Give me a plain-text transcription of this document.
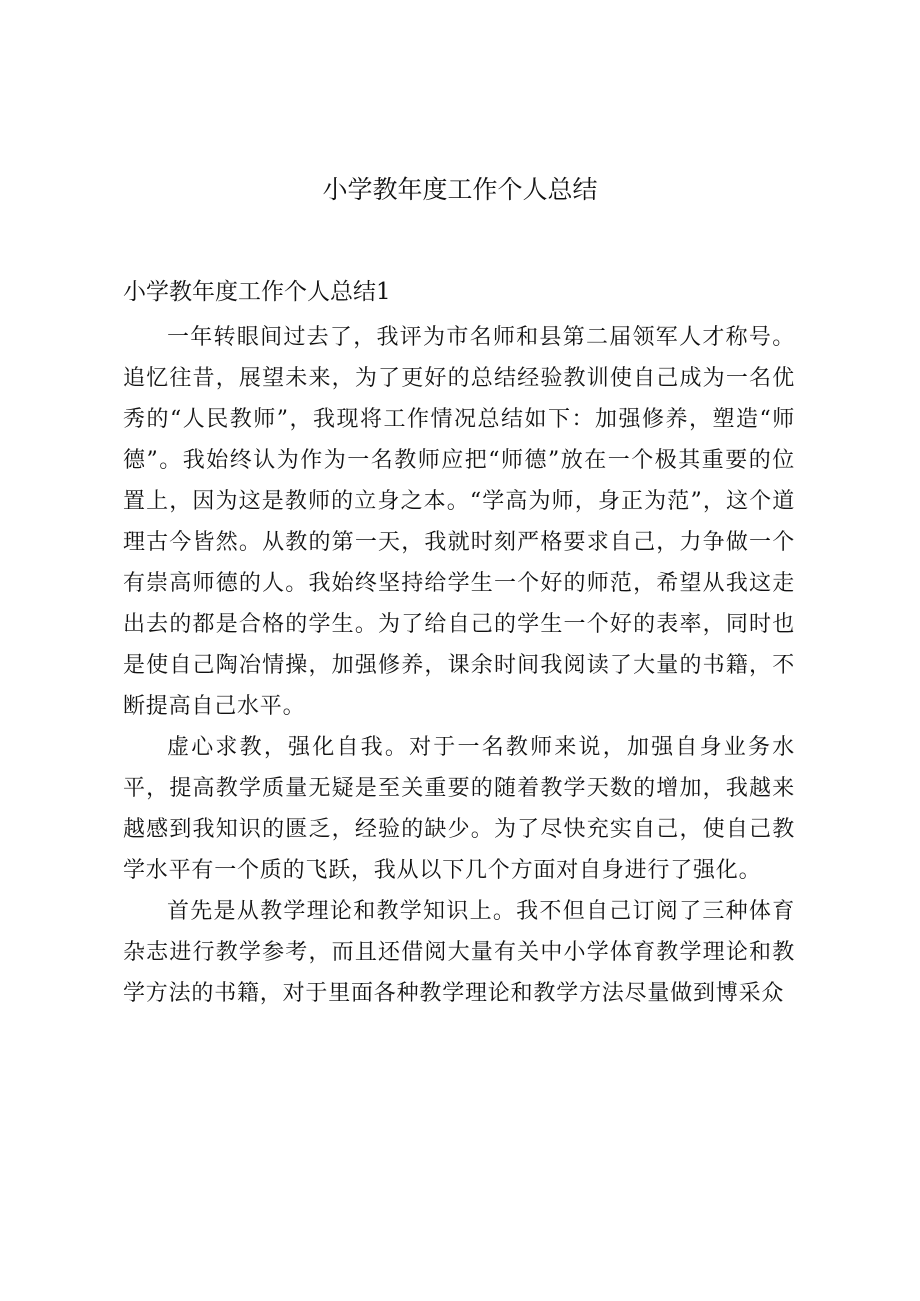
小学教年度工作个人总结
小学教年度工作个人总结1

一年转眼间过去了，我评为市名师和县第二届领军人才称号。追忆往昔，展望未来，为了更好的总结经验教训使自己成为一名优秀的“人民教师”，我现将工作情况总结如下：加强修养，塑造“师德”。我始终认为作为一名教师应把“师德”放在一个极其重要的位置上，因为这是教师的立身之本。“学高为师，身正为范”，这个道理古今皆然。从教的第一天，我就时刻严格要求自己，力争做一个有崇高师德的人。我始终坚持给学生一个好的师范，希望从我这走出去的都是合格的学生。为了给自己的学生一个好的表率，同时也是使自己陶冶情操，加强修养，课余时间我阅读了大量的书籍，不断提高自己水平。

虚心求教，强化自我。对于一名教师来说，加强自身业务水平，提高教学质量无疑是至关重要的随着教学天数的增加，我越来越感到我知识的匮乏，经验的缺少。为了尽快充实自己，使自己教学水平有一个质的飞跃，我从以下几个方面对自身进行了强化。

首先是从教学理论和教学知识上。我不但自己订阅了三种体育杂志进行教学参考，而且还借阅大量有关中小学体育教学理论和教学方法的书籍，对于里面各种教学理论和教学方法尽量做到博采众
